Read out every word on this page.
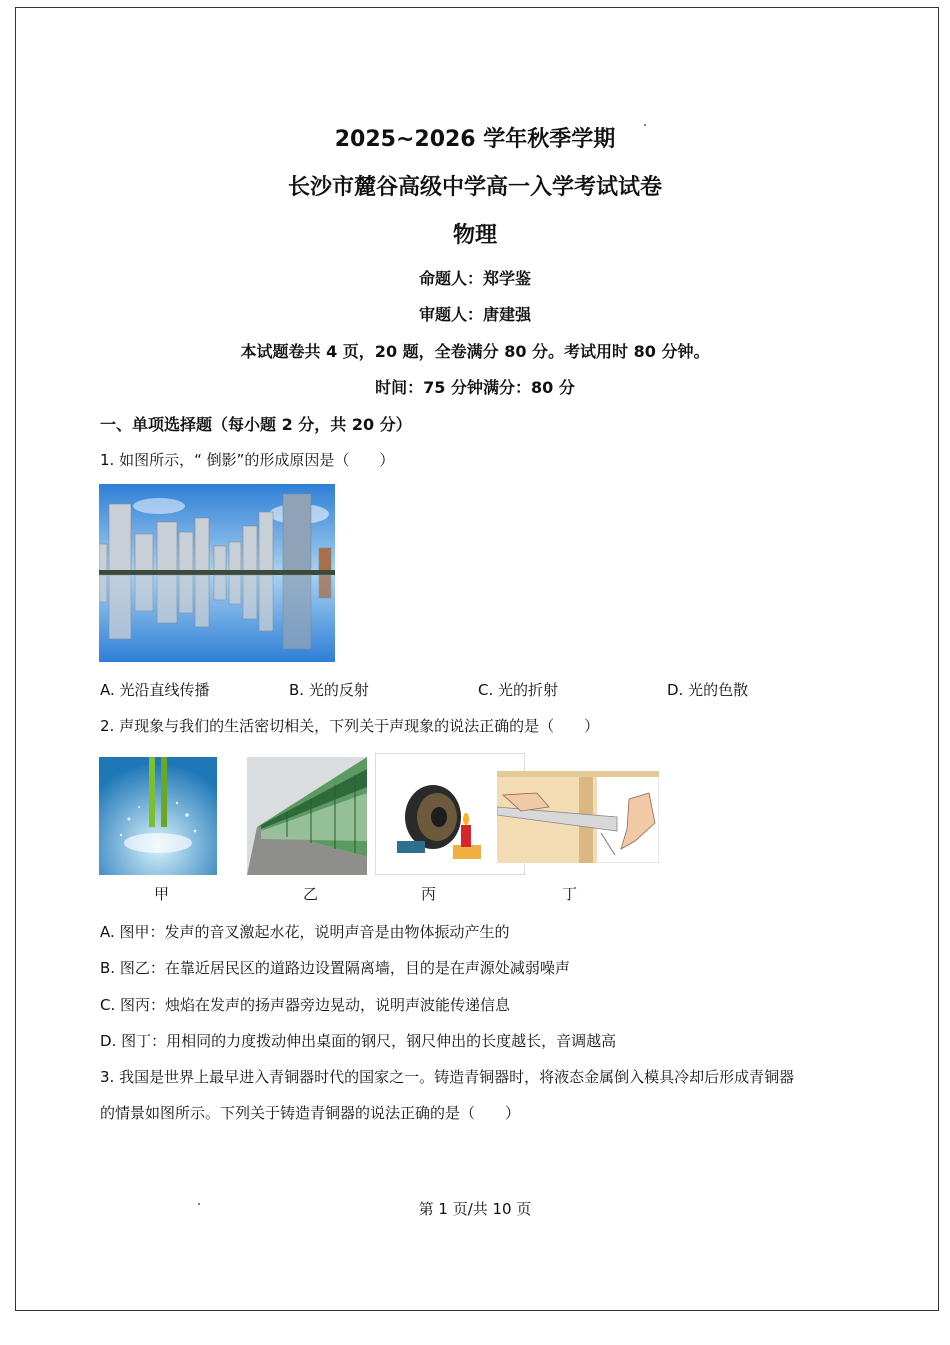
2025~2026 学年秋季学期
长沙市麓谷高级中学高一入学考试试卷
物理
命题人：郑学鉴
审题人：唐建强
本试题卷共 4 页，20 题，全卷满分 80 分。考试用时 80 分钟。
时间：75 分钟满分：80 分
一、单项选择题（每小题 2 分，共 20 分）
1. 如图所示，“ 倒影”的形成原因是（　　）
A. 光沿直线传播	B. 光的反射	C. 光的折射	D. 光的色散
2. 声现象与我们的生活密切相关，下列关于声现象的说法正确的是（　　）
甲	乙	丙	丁
A. 图甲：发声的音叉激起水花，说明声音是由物体振动产生的
B. 图乙：在靠近居民区的道路边设置隔离墙，目的是在声源处减弱噪声
C. 图丙：烛焰在发声的扬声器旁边晃动，说明声波能传递信息
D. 图丁：用相同的力度拨动伸出桌面的钢尺，钢尺伸出的长度越长，音调越高
3. 我国是世界上最早进入青铜器时代的国家之一。铸造青铜器时，将液态金属倒入模具冷却后形成青铜器
的情景如图所示。下列关于铸造青铜器的说法正确的是（　　）
第 1 页/共 10 页
